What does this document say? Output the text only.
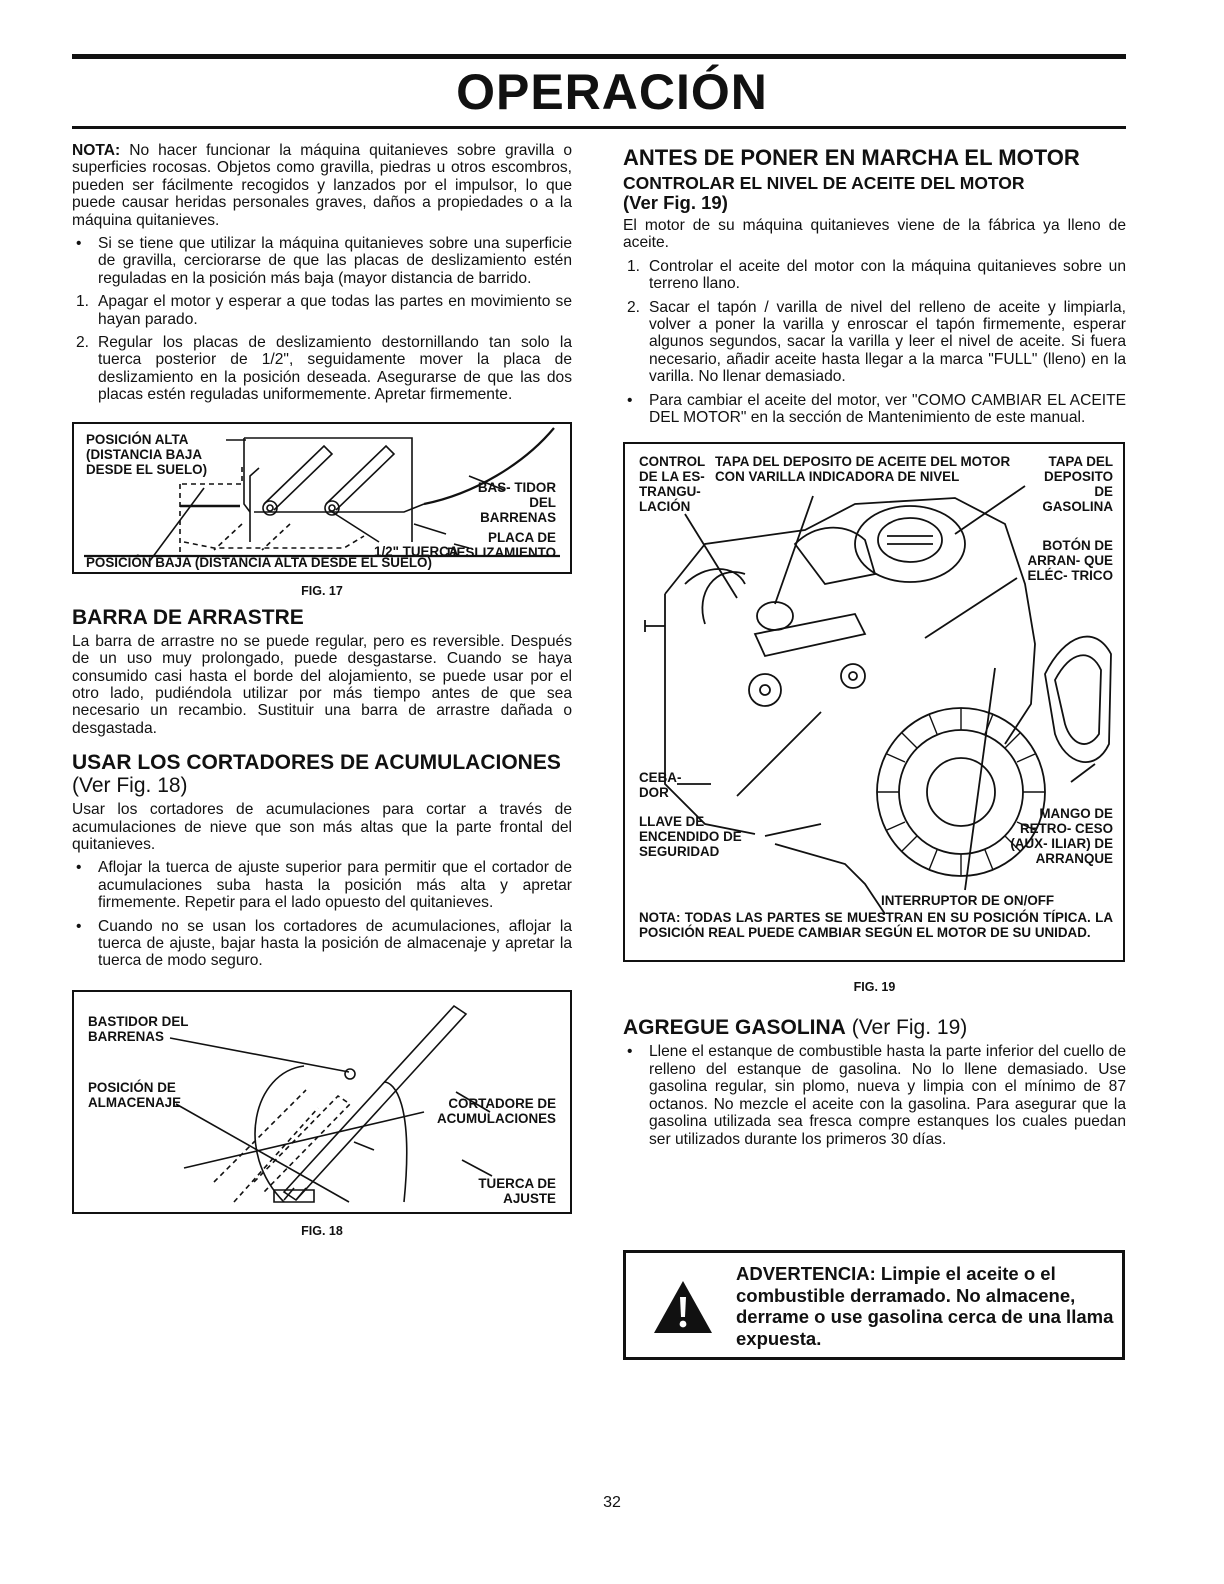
OPERACIÓN

NOTA: No hacer funcionar la máquina quitanieves sobre gravilla o superficies rocosas. Objetos como gravilla, piedras u otros escombros, pueden ser fácilmente recogidos y lanzados por el impulsor, lo que puede causar heridas personales graves, daños a propiedades o a la máquina quitanieves.

• Si se tiene que utilizar la máquina quitanieves sobre una superficie de gravilla, cerciorarse de que las placas de deslizamiento estén reguladas en la posición más baja (mayor distancia de barrido.
1. Apagar el motor y esperar a que todas las partes en movimiento se hayan parado.
2. Regular los placas de deslizamiento destornillando tan solo la tuerca posterior de 1/2", seguidamente mover la placa de deslizamiento en la posición deseada. Asegurarse de que las dos placas estén reguladas uniformemente. Apretar firmemente.
POSICIÓN ALTA
(DISTANCIA BAJA DESDE EL SUELO)
BAS- TIDOR DEL BARRENAS
PLACA DE DESLIZAMIENTO
1/2" TUERCA
POSICIÓN BAJA (DISTANCIA ALTA DESDE EL SUELO)
FIG. 17
BARRA DE ARRASTRE

La barra de arrastre no se puede regular, pero es reversible. Después de un uso muy prolongado, puede desgastarse. Cuando se haya consumido casi hasta el borde del alojamiento, se puede usar por el otro lado, pudiéndola utilizar por más tiempo antes de que sea necesario un recambio. Sustituir una barra de arrastre dañada o desgastada.

USAR LOS CORTADORES DE ACUMULACIONES
(Ver Fig. 18)

Usar los cortadores de acumulaciones para cortar a través de acumulaciones de nieve que son más altas que la parte frontal del quitanieves.

• Aflojar la tuerca de ajuste superior para permitir que el cortador de acumulaciones suba hasta la posición más alta y apretar firmemente. Repetir para el lado opuesto del quitanieves.
• Cuando no se usan los cortadores de acumulaciones, aflojar la tuerca de ajuste, bajar hasta la posición de almacenaje y apretar la tuerca de modo seguro.
BASTIDOR DEL BARRENAS
POSICIÓN DE ALMACENAJE	CORTADORE DE ACUMULACIONES
TUERCA DE AJUSTE
FIG. 18
ANTES DE PONER EN MARCHA EL MOTOR
CONTROLAR EL NIVEL DE ACEITE DEL MOTOR
(Ver Fig. 19)

El motor de su máquina quitanieves viene de la fábrica ya lleno de aceite.

1. Controlar el aceite del motor con la máquina quitanieves sobre un terreno llano.
2. Sacar el tapón / varilla de nivel del relleno de aceite y limpiarla, volver a poner la varilla y enroscar el tapón firmemente, esperar algunos segundos, sacar la varilla y leer el nivel de aceite. Si fuera necesario, añadir aceite hasta llegar a la marca "FULL" (lleno) en la varilla. No llenar demasiado.
• Para cambiar el aceite del motor, ver "COMO CAMBIAR EL ACEITE DEL MOTOR" en la sección de Mantenimiento de este manual.
CONTROL DE LA ES- TRANGU- LACIÓN
TAPA DEL DEPOSITO DE ACEITE DEL MOTOR CON VARILLA INDICADORA DE NIVEL
TAPA DEL DEPOSITO DE GASOLINA
BOTÓN DE ARRAN- QUE ELÉC- TRICO
CEBA- DOR
LLAVE DE ENCENDIDO DE SEGURIDAD
MANGO DE RETRO- CESO (AUX- ILIAR) DE ARRANQUE
INTERRUPTOR DE ON/OFF
NOTA: TODAS LAS PARTES SE MUESTRAN EN SU POSICIÓN TÍPICA. LA POSICIÓN REAL PUEDE CAMBIAR SEGÚN EL MOTOR DE SU UNIDAD.
FIG. 19
AGREGUE GASOLINA (Ver Fig. 19)
• Llene el estanque de combustible hasta la parte inferior del cuello de relleno del estanque de gasolina. No lo llene demasiado. Use gasolina regular, sin plomo, nueva y limpia con el mínimo de 87 octanos. No mezcle el aceite con la gasolina. Para asegurar que la gasolina utilizada sea fresca compre estanques los cuales puedan ser utilizados durante los primeros 30 días.
ADVERTENCIA: Limpie el aceite o el combustible derramado. No almacene, derrame o use gasolina cerca de una llama expuesta.
32
